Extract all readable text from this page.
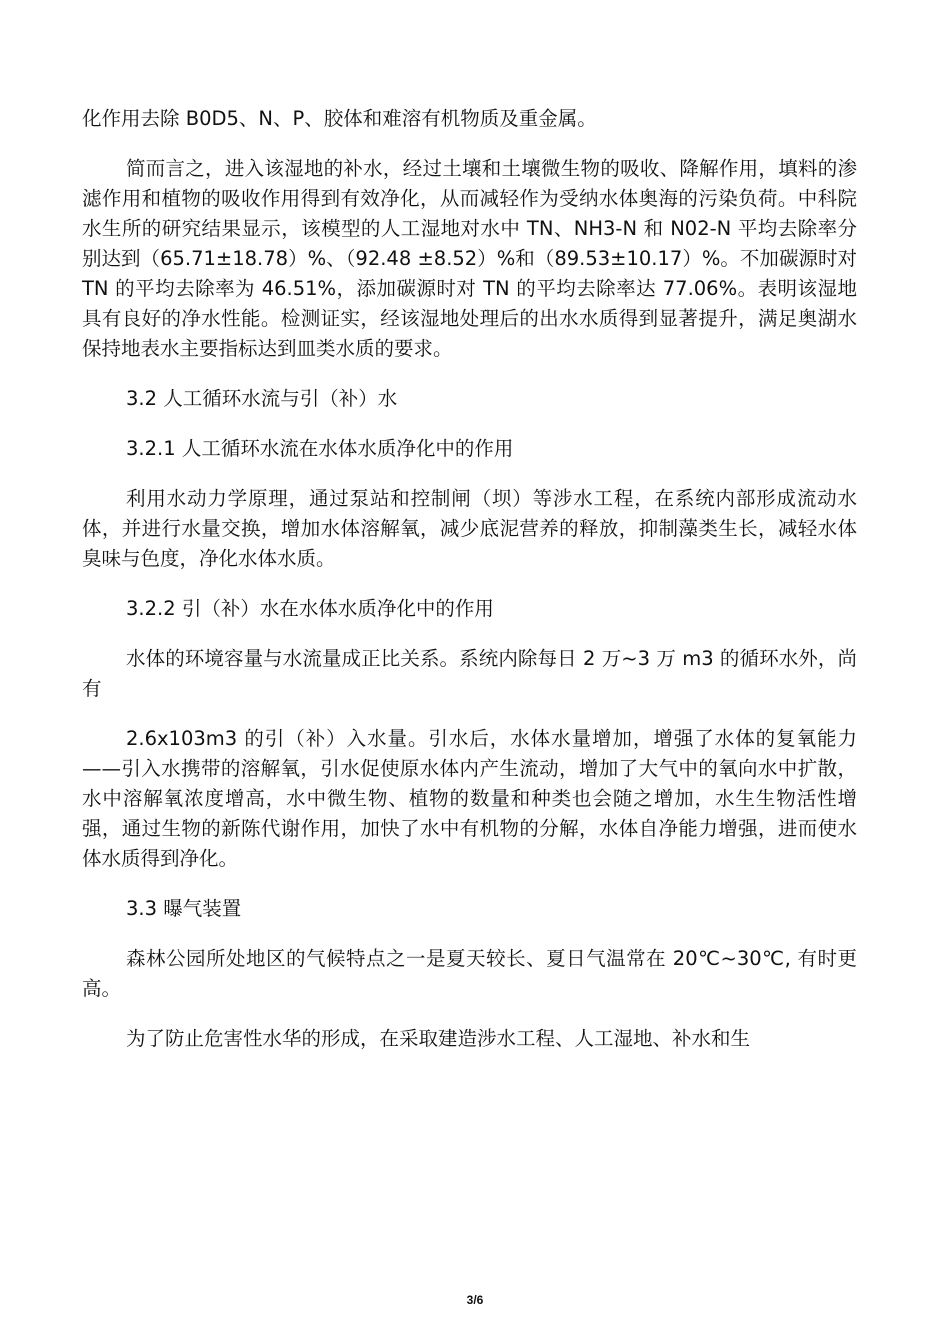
化作用去除 B0D5、N、P、胶体和难溶有机物质及重金属。

简而言之，进入该湿地的补水，经过土壤和土壤微生物的吸收、降解作用，填料的渗滤作用和植物的吸收作用得到有效净化，从而减轻作为受纳水体奥海的污染负荷。中科院水生所的研究结果显示，该模型的人工湿地对水中 TN、NH3-N 和 N02-N 平均去除率分别达到（65.71±18.78）%、（92.48 ±8.52）%和（89.53±10.17）%。不加碳源时对 TN 的平均去除率为 46.51%，添加碳源时对 TN 的平均去除率达 77.06%。表明该湿地具有良好的净水性能。检测证实，经该湿地处理后的出水水质得到显著提升，满足奥湖水保持地表水主要指标达到皿类水质的要求。

3.2 人工循环水流与引（补）水

3.2.1 人工循环水流在水体水质净化中的作用

利用水动力学原理，通过泵站和控制闸（坝）等涉水工程，在系统内部形成流动水体，并进行水量交换，增加水体溶解氧，减少底泥营养的释放，抑制藻类生长，减轻水体臭味与色度，净化水体水质。

3.2.2 引（补）水在水体水质净化中的作用

水体的环境容量与水流量成正比关系。系统内除每日 2 万~3 万 m3 的循环水外，尚有

2.6x103m3 的引（补）入水量。引水后，水体水量增加，增强了水体的复氧能力——引入水携带的溶解氧，引水促使原水体内产生流动，增加了大气中的氧向水中扩散，水中溶解氧浓度增高，水中微生物、植物的数量和种类也会随之增加，水生生物活性增强，通过生物的新陈代谢作用，加快了水中有机物的分解，水体自净能力增强，进而使水体水质得到净化。

3.3 曝气装置

森林公园所处地区的气候特点之一是夏天较长、夏日气温常在 20℃~30℃, 有时更高。

为了防止危害性水华的形成，在采取建造涉水工程、人工湿地、补水和生

3/6
